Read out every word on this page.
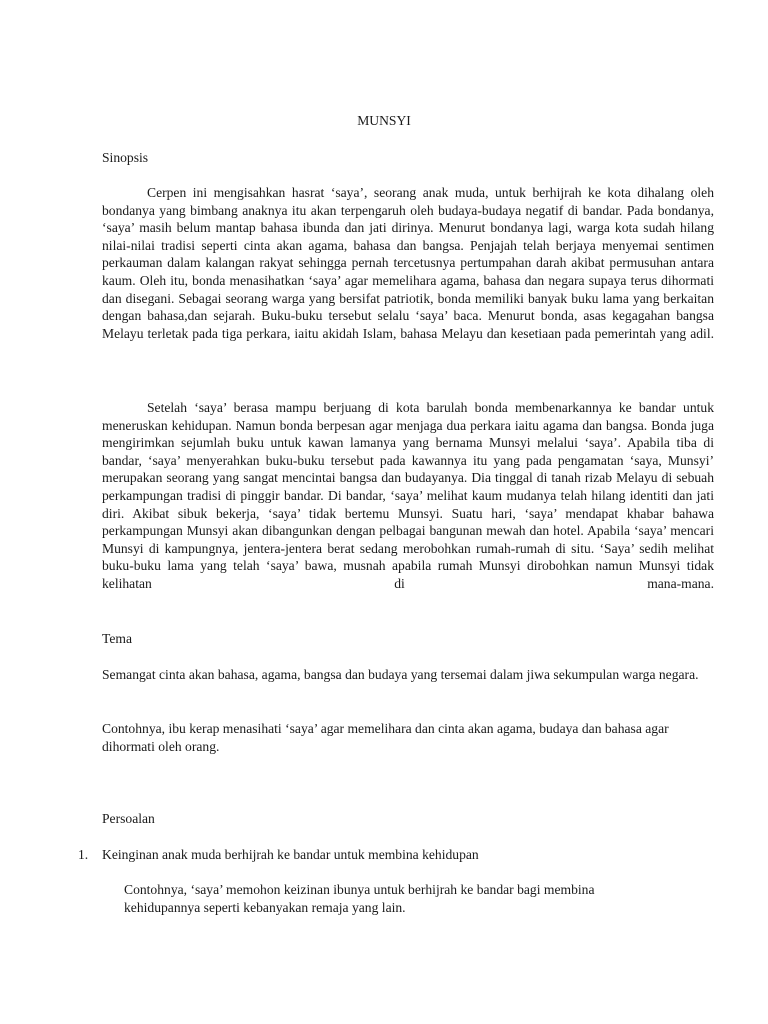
MUNSYI
Sinopsis

Cerpen ini mengisahkan hasrat ‘saya’, seorang anak muda, untuk berhijrah ke kota dihalang oleh bondanya yang bimbang anaknya itu akan terpengaruh oleh budaya-budaya negatif di bandar. Pada bondanya, ‘saya’ masih belum mantap bahasa ibunda dan jati dirinya. Menurut bondanya lagi, warga kota sudah hilang nilai-nilai tradisi seperti cinta akan agama, bahasa dan bangsa. Penjajah telah berjaya menyemai sentimen perkauman dalam kalangan rakyat sehingga pernah tercetusnya pertumpahan darah akibat permusuhan antara kaum. Oleh itu, bonda menasihatkan ‘saya’ agar memelihara agama, bahasa dan negara supaya terus dihormati dan disegani. Sebagai seorang warga yang bersifat patriotik, bonda memiliki banyak buku lama yang berkaitan dengan bahasa,dan sejarah. Buku-buku tersebut selalu ‘saya’ baca. Menurut bonda, asas kegagahan bangsa Melayu terletak pada tiga perkara, iaitu akidah Islam, bahasa Melayu dan kesetiaan pada pemerintah yang adil.

Setelah ‘saya’ berasa mampu berjuang di kota barulah bonda membenarkannya ke bandar untuk meneruskan kehidupan. Namun bonda berpesan agar menjaga dua perkara iaitu agama dan bangsa. Bonda juga mengirimkan sejumlah buku untuk kawan lamanya yang bernama Munsyi melalui ‘saya’. Apabila tiba di bandar, ‘saya’ menyerahkan buku-buku tersebut pada kawannya itu yang pada pengamatan ‘saya, Munsyi’ merupakan seorang yang sangat mencintai bangsa dan budayanya. Dia tinggal di tanah rizab Melayu di sebuah perkampungan tradisi di pinggir bandar. Di bandar, ‘saya’ melihat kaum mudanya telah hilang identiti dan jati diri. Akibat sibuk bekerja, ‘saya’ tidak bertemu Munsyi. Suatu hari, ‘saya’ mendapat khabar bahawa perkampungan Munsyi akan dibangunkan dengan pelbagai bangunan mewah dan hotel. Apabila ‘saya’ mencari Munsyi di kampungnya, jentera-jentera berat sedang merobohkan rumah-rumah di situ. ‘Saya’ sedih melihat buku-buku lama yang telah ‘saya’ bawa, musnah apabila rumah Munsyi dirobohkan namun Munsyi tidak kelihatan di mana-mana.

Tema

Semangat cinta akan bahasa, agama, bangsa dan budaya yang tersemai dalam jiwa sekumpulan warga negara.

Contohnya, ibu kerap menasihati ‘saya’ agar memelihara dan cinta akan agama, budaya dan bahasa agar dihormati oleh orang.

Persoalan
1. Keinginan anak muda berhijrah ke bandar untuk membina kehidupan

Contohnya, ‘saya’ memohon keizinan ibunya untuk berhijrah ke bandar bagi membina kehidupannya seperti kebanyakan remaja yang lain.
